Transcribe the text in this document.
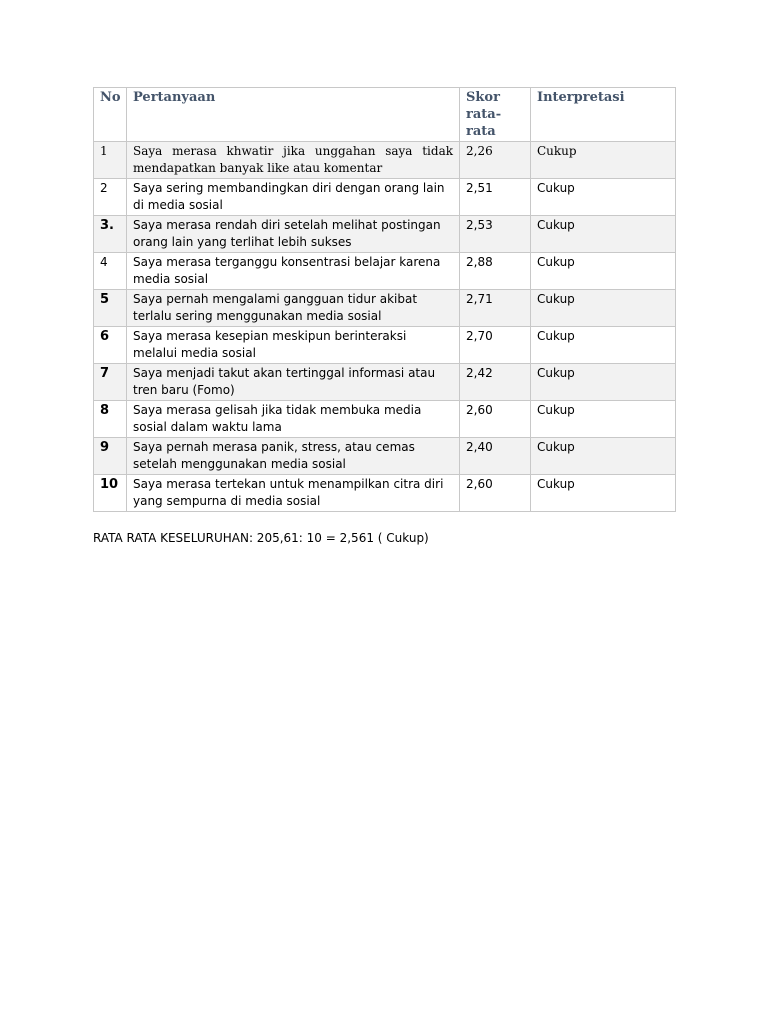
No	Pertanyaan	Skor rata-rata	Interpretasi
1	Saya merasa khwatir jika unggahan saya tidak mendapatkan banyak like atau komentar	2,26	Cukup
2	Saya sering membandingkan diri dengan orang lain di media sosial	2,51	Cukup
3.	Saya merasa rendah diri setelah melihat postingan orang lain yang terlihat lebih sukses	2,53	Cukup
4	Saya merasa terganggu konsentrasi belajar karena media sosial	2,88	Cukup
5	Saya pernah mengalami gangguan tidur akibat terlalu sering menggunakan media sosial	2,71	Cukup
6	Saya merasa kesepian meskipun berinteraksi melalui media sosial	2,70	Cukup
7	Saya menjadi takut akan tertinggal informasi atau tren baru (Fomo)	2,42	Cukup
8	Saya merasa gelisah jika tidak membuka media sosial dalam waktu lama	2,60	Cukup
9	Saya pernah merasa panik, stress, atau cemas setelah menggunakan media sosial	2,40	Cukup
10	Saya merasa tertekan untuk menampilkan citra diri yang sempurna di media sosial	2,60	Cukup
RATA RATA KESELURUHAN: 205,61: 10 = 2,561 ( Cukup)
